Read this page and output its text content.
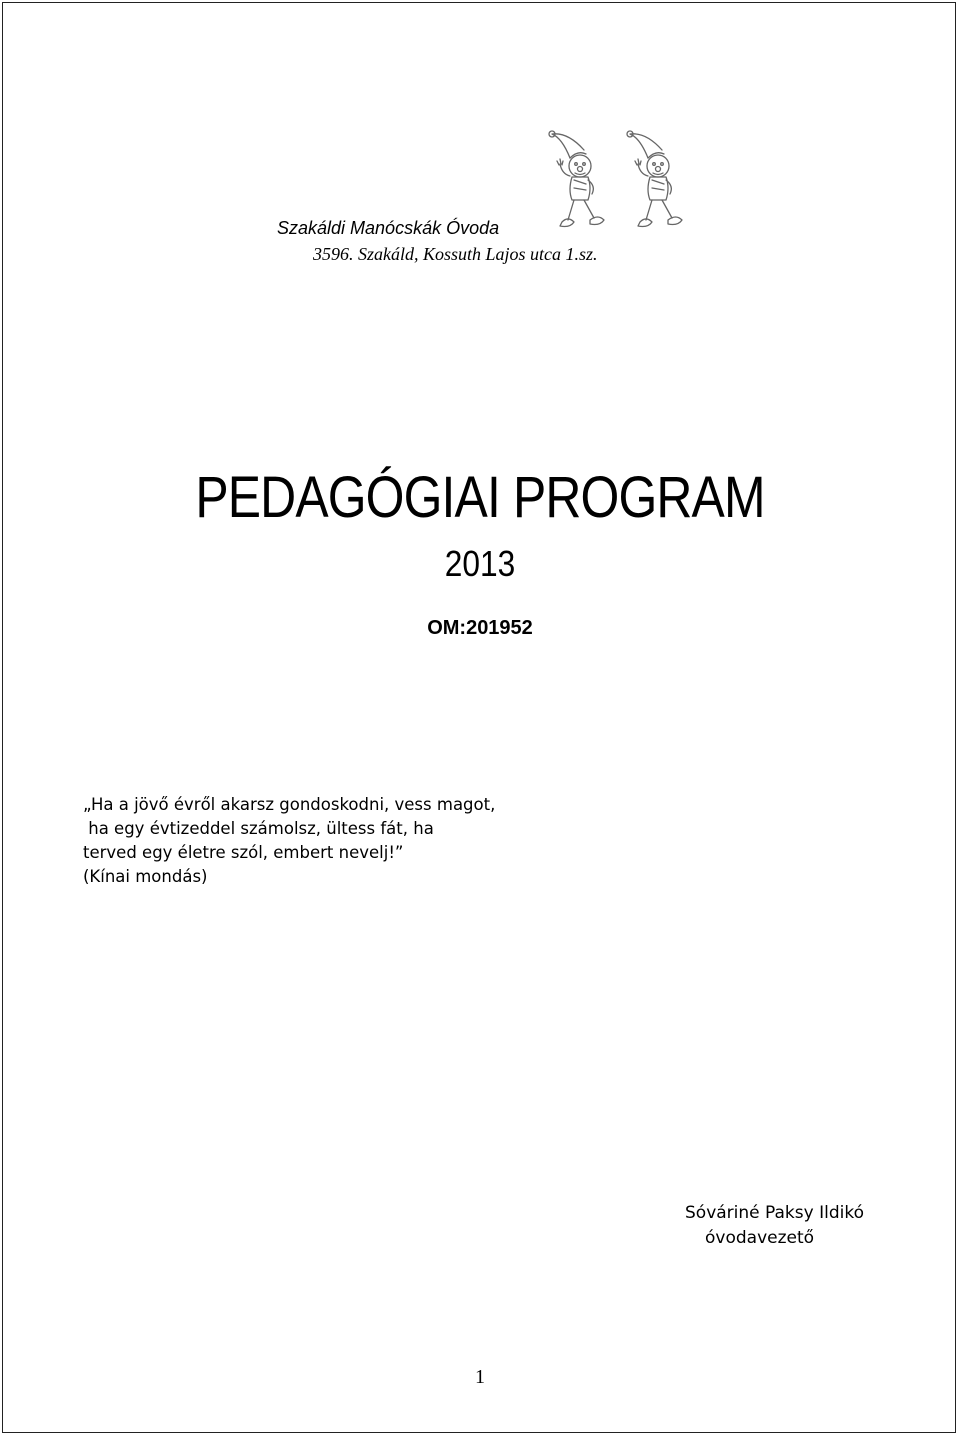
Szakáldi Manócskák Óvoda
3596. Szakáld, Kossuth Lajos utca 1.sz.
PEDAGÓGIAI PROGRAM
2013
OM:201952
„Ha a jövő évről akarsz gondoskodni, vess magot,
ha egy évtizeddel számolsz, ültess fát, ha
terved egy életre szól, embert nevelj!”
(Kínai mondás)
Sóváriné Paksy Ildikó
óvodavezető
1
